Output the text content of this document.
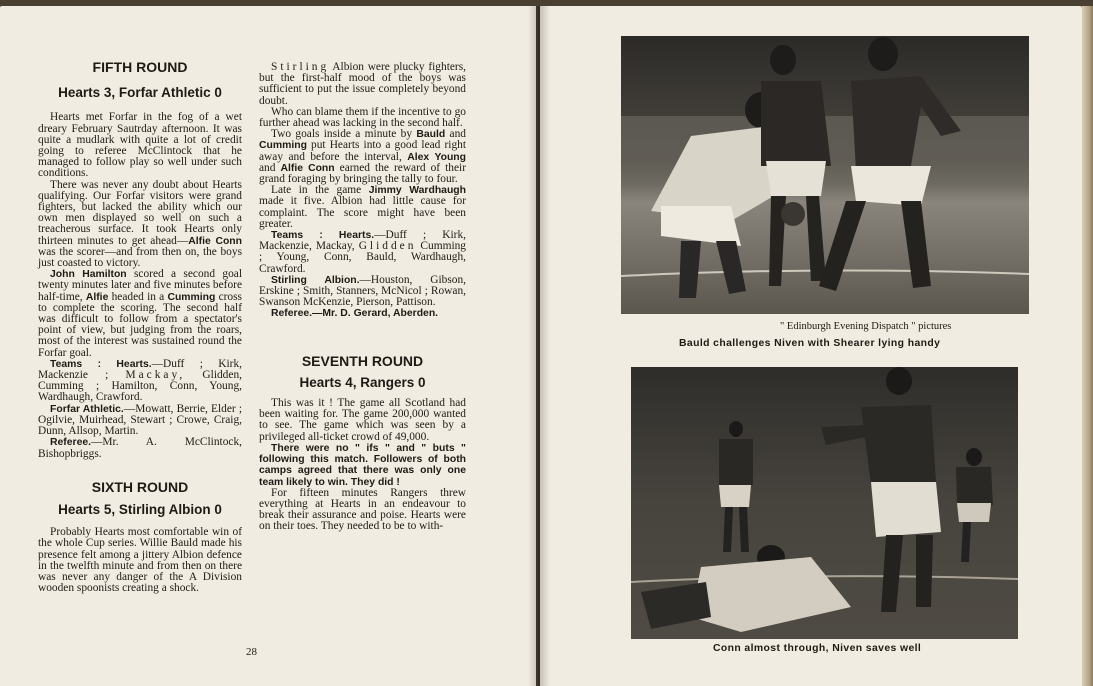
FIFTH ROUND

Hearts 3, Forfar Athletic 0

Hearts met Forfar in the fog of a wet dreary February Sautrday afternoon. It was quite a mudlark with quite a lot of credit going to referee McClintock that he managed to follow play so well under such conditions.

There was never any doubt about Hearts qualifying. Our Forfar visitors were grand fighters, but lacked the ability which our own men displayed so well on such a treacherous surface. It took Hearts only thirteen minutes to get ahead—Alfie Conn was the scorer—and from then on, the boys just coasted to victory.

John Hamilton scored a second goal twenty minutes later and five minutes before half-time, Alfie headed in a Cumming cross to complete the scoring. The second half was difficult to follow from a spectator's point of view, but judging from the roars, most of the interest was sustained round the Forfar goal.

Teams : Hearts.—Duff ; Kirk, Mackenzie ; Mackay, Glidden, Cumming ; Hamilton, Conn, Young, Wardhaugh, Crawford.

Forfar Athletic.—Mowatt, Berrie, Elder ; Ogilvie, Muirhead, Stewart ; Crowe, Craig, Dunn, Allsop, Martin.

Referee.—Mr. A. McClintock, Bishopbriggs.

SIXTH ROUND

Hearts 5, Stirling Albion 0

Probably Hearts most comfortable win of the whole Cup series. Willie Bauld made his presence felt among a jittery Albion defence in the twelfth minute and from then on there was never any danger of the A Division wooden spoonists creating a shock.

Stirling Albion were plucky fighters, but the first-half mood of the boys was sufficient to put the issue completely beyond doubt.

Who can blame them if the incentive to go further ahead was lacking in the second half.

Two goals inside a minute by Bauld and Cumming put Hearts into a good lead right away and before the interval, Alex Young and Alfie Conn earned the reward of their grand foraging by bringing the tally to four.

Late in the game Jimmy Wardhaugh made it five. Albion had little cause for complaint. The score might have been greater.

Teams : Hearts.—Duff ; Kirk, Mackenzie, Mackay, Glidden Cumming ; Young, Conn, Bauld, Wardhaugh, Crawford.

Stirling Albion.—Houston, Gibson, Erskine ; Smith, Stanners, McNicol ; Rowan, Swanson McKenzie, Pierson, Pattison.

Referee.—Mr. D. Gerard, Aberden.

SEVENTH ROUND

Hearts 4, Rangers 0

This was it ! The game all Scotland had been waiting for. The game 200,000 wanted to see. The game which was seen by a privileged all-ticket crowd of 49,000.

There were no " ifs " and " buts " following this match. Followers of both camps agreed that there was only one team likely to win. They did !

For fifteen minutes Rangers threw everything at Hearts in an endeavour to break their assurance and poise. Hearts were on their toes. They needed to be to with-

28
" Edinburgh Evening Dispatch " pictures
Bauld challenges Niven with Shearer lying handy
Conn almost through, Niven saves well
